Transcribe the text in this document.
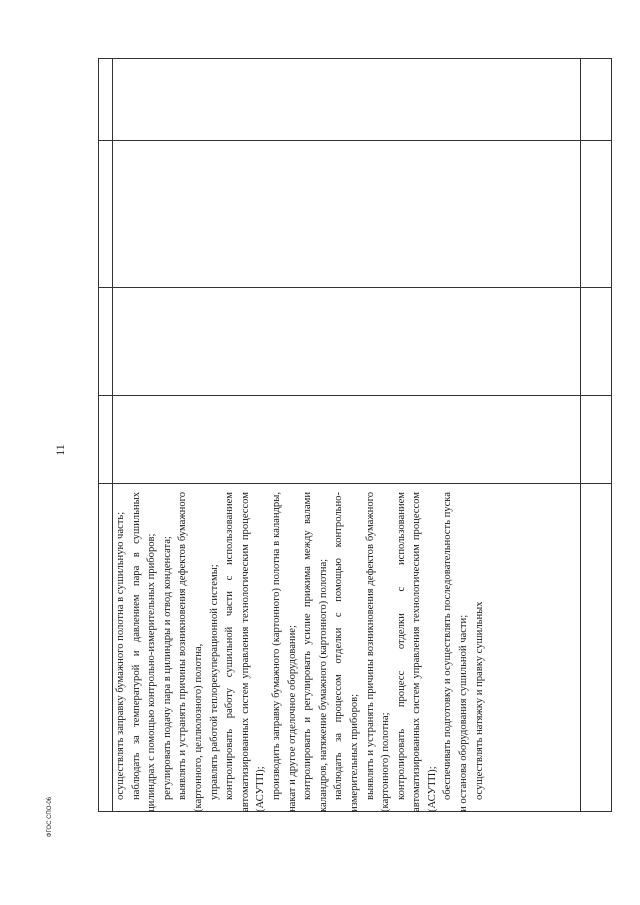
11
осуществлять заправку бумажного полотна в сушильную часть; наблюдать за температурой и давлением пара в сушильных цилиндрах с помощью контрольно-измерительных приборов; регулировать подачу пара в цилиндры и отвод конденсата; выявлять и устранять причины возникновения дефектов бумажного (картонного, целлюлозного) полотна, управлять работой теплорекуперационной системы; контролировать работу сушильной части с использованием автоматизированных систем управления технологическим процессом (АСУТП); производить заправку бумажного (картонного) полотна в каландры, накат и другое отделочное оборудование; контролировать и регулировать усилие прижима между валами каландров, натяжение бумажного (картонного) полотна; наблюдать за процессом отделки с помощью контрольно-измерительных приборов; выявлять и устранять причины возникновения дефектов бумажного (картонного) полотна; контролировать процесс отделки с использованием автоматизированных систем управления технологическим процессом (АСУТП); обеспечивать подготовку и осуществлять последовательность пуска и останова оборудования сушильной части; осуществлять натяжку и правку сушильных
ФГОС СПО-06
